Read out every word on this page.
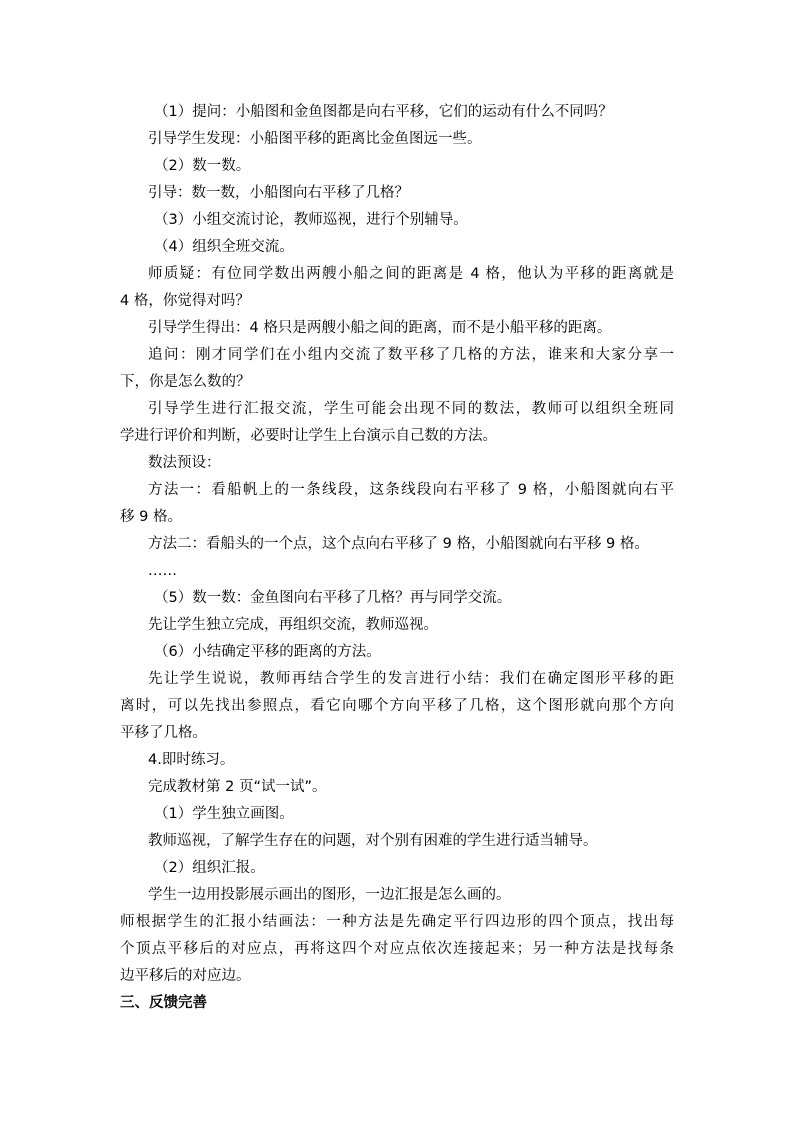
（1）提问：小船图和金鱼图都是向右平移，它们的运动有什么不同吗？
引导学生发现：小船图平移的距离比金鱼图远一些。
（2）数一数。
引导：数一数，小船图向右平移了几格？
（3）小组交流讨论，教师巡视，进行个别辅导。
（4）组织全班交流。
师质疑：有位同学数出两艘小船之间的距离是 4 格，他认为平移的距离就是
4 格，你觉得对吗？
引导学生得出：4 格只是两艘小船之间的距离，而不是小船平移的距离。
追问：刚才同学们在小组内交流了数平移了几格的方法，谁来和大家分享一
下，你是怎么数的？
引导学生进行汇报交流，学生可能会出现不同的数法，教师可以组织全班同
学进行评价和判断，必要时让学生上台演示自己数的方法。
数法预设：
方法一：看船帆上的一条线段，这条线段向右平移了 9 格，小船图就向右平
移 9 格。
方法二：看船头的一个点，这个点向右平移了 9 格，小船图就向右平移 9 格。
……
（5）数一数：金鱼图向右平移了几格？再与同学交流。
先让学生独立完成，再组织交流，教师巡视。
（6）小结确定平移的距离的方法。
先让学生说说，教师再结合学生的发言进行小结：我们在确定图形平移的距
离时，可以先找出参照点，看它向哪个方向平移了几格，这个图形就向那个方向
平移了几格。
4.即时练习。
完成教材第 2 页“试一试”。
（1）学生独立画图。
教师巡视，了解学生存在的问题，对个别有困难的学生进行适当辅导。
（2）组织汇报。
学生一边用投影展示画出的图形，一边汇报是怎么画的。
师根据学生的汇报小结画法：一种方法是先确定平行四边形的四个顶点，找出每
个顶点平移后的对应点，再将这四个对应点依次连接起来；另一种方法是找每条
边平移后的对应边。
三、反馈完善
